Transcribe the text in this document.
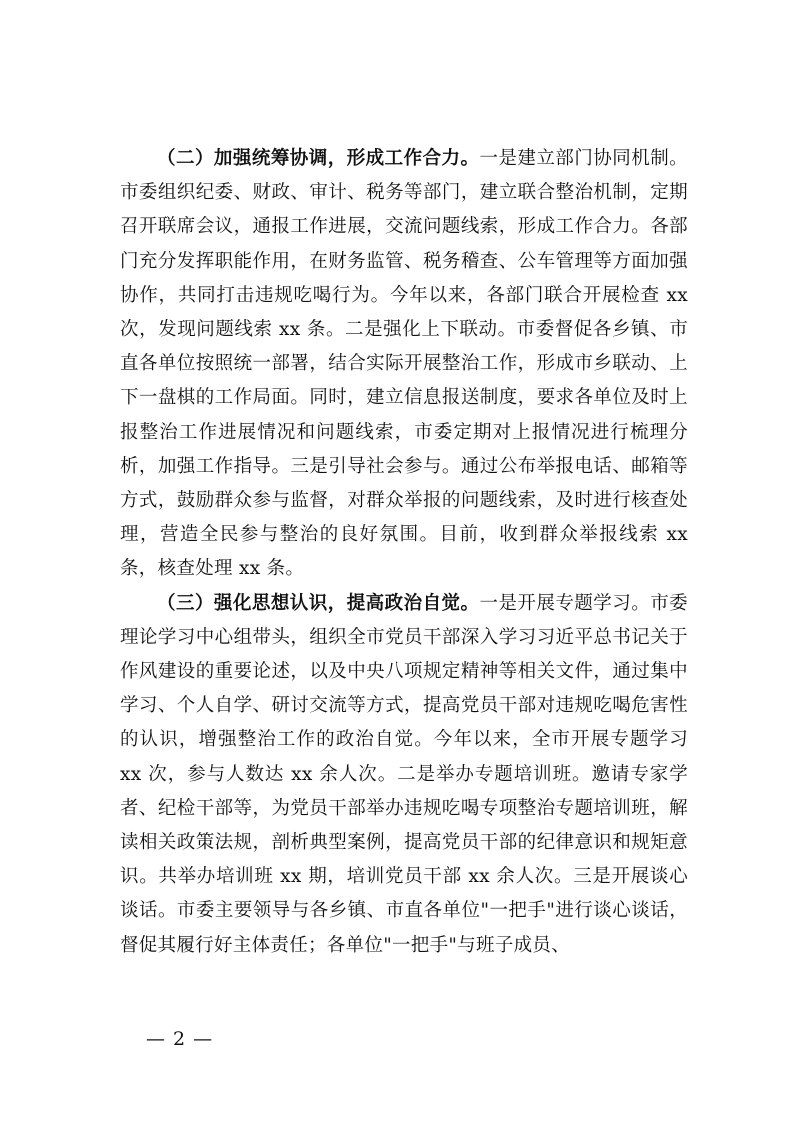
（二）加强统筹协调，形成工作合力。一是建立部门协同机制。市委组织纪委、财政、审计、税务等部门，建立联合整治机制，定期召开联席会议，通报工作进展，交流问题线索，形成工作合力。各部门充分发挥职能作用，在财务监管、税务稽查、公车管理等方面加强协作，共同打击违规吃喝行为。今年以来，各部门联合开展检查 xx 次，发现问题线索 xx 条。二是强化上下联动。市委督促各乡镇、市直各单位按照统一部署，结合实际开展整治工作，形成市乡联动、上下一盘棋的工作局面。同时，建立信息报送制度，要求各单位及时上报整治工作进展情况和问题线索，市委定期对上报情况进行梳理分析，加强工作指导。三是引导社会参与。通过公布举报电话、邮箱等方式，鼓励群众参与监督，对群众举报的问题线索，及时进行核查处理，营造全民参与整治的良好氛围。目前，收到群众举报线索 xx 条，核查处理 xx 条。

（三）强化思想认识，提高政治自觉。一是开展专题学习。市委理论学习中心组带头，组织全市党员干部深入学习习近平总书记关于作风建设的重要论述，以及中央八项规定精神等相关文件，通过集中学习、个人自学、研讨交流等方式，提高党员干部对违规吃喝危害性的认识，增强整治工作的政治自觉。今年以来，全市开展专题学习 xx 次，参与人数达 xx 余人次。二是举办专题培训班。邀请专家学者、纪检干部等，为党员干部举办违规吃喝专项整治专题培训班，解读相关政策法规，剖析典型案例，提高党员干部的纪律意识和规矩意识。共举办培训班 xx 期，培训党员干部 xx 余人次。三是开展谈心谈话。市委主要领导与各乡镇、市直各单位"一把手"进行谈心谈话，督促其履行好主体责任；各单位"一把手"与班子成员、

— 2 —
